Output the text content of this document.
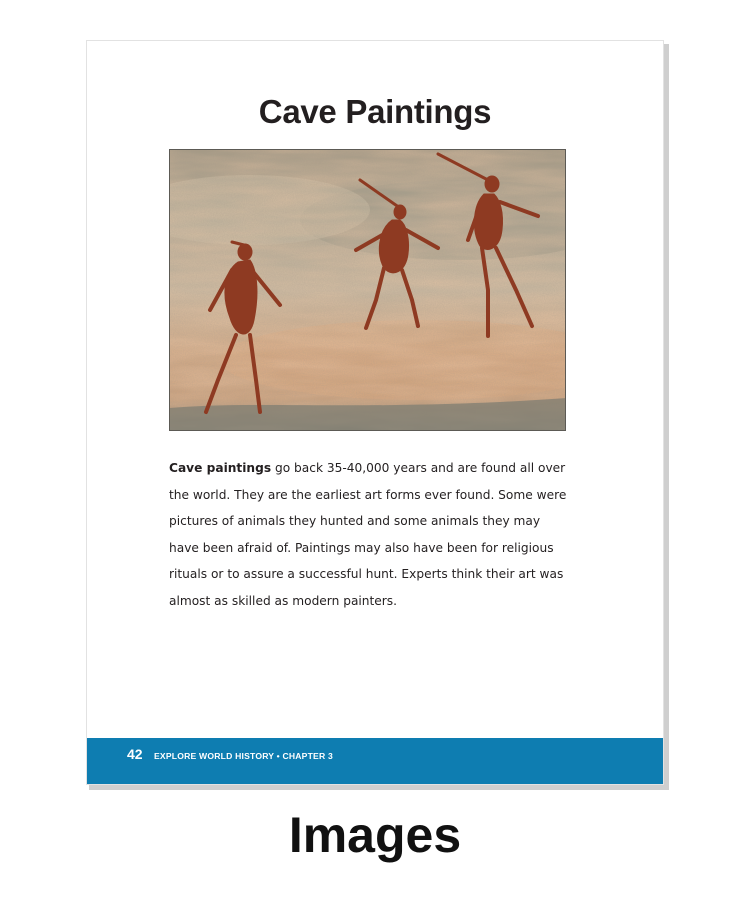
Cave Paintings
Cave paintings go back 35-40,000 years and are found all over the world. They are the earliest art forms ever found. Some were pictures of animals they hunted and some animals they may have been afraid of. Paintings may also have been for religious rituals or to assure a successful hunt. Experts think their art was almost as skilled as modern painters.
42 EXPLORE WORLD HISTORY • CHAPTER 3
Images
